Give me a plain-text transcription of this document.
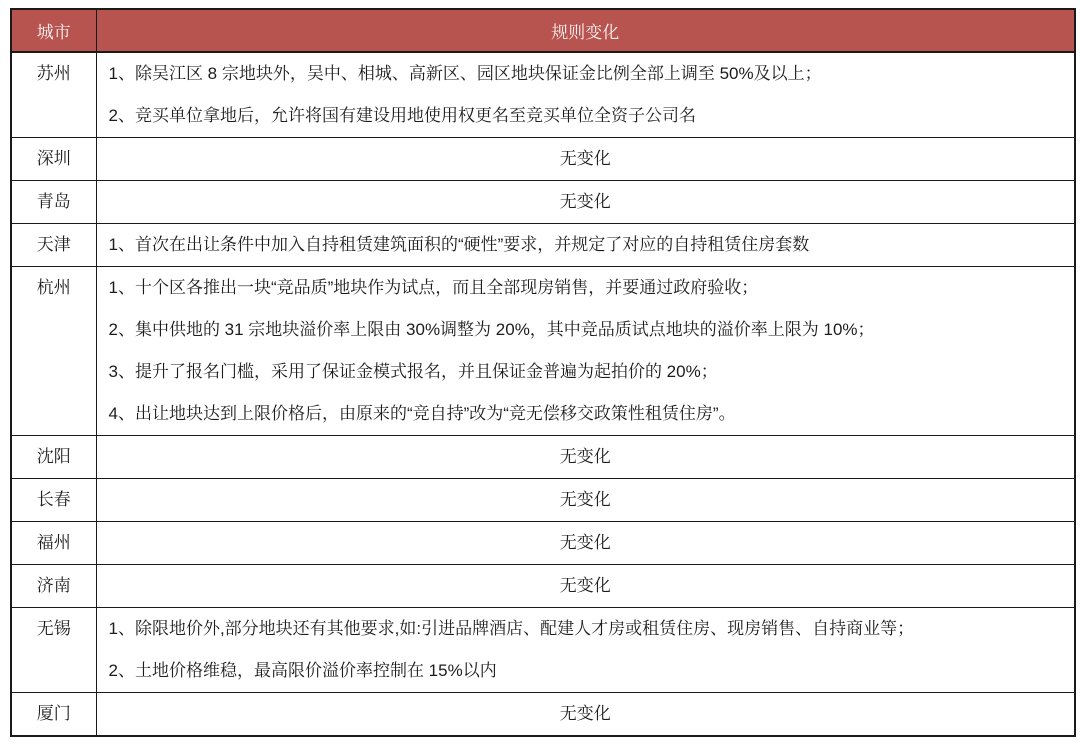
城市	规则变化
苏州	1、除吴江区 8 宗地块外，吴中、相城、高新区、园区地块保证金比例全部上调至 50%及以上；

2、竞买单位拿地后，允许将国有建设用地使用权更名至竞买单位全资子公司名

深圳	无变化

青岛	无变化

天津	1、首次在出让条件中加入自持租赁建筑面积的“硬性”要求，并规定了对应的自持租赁住房套数

杭州	1、十个区各推出一块“竞品质”地块作为试点，而且全部现房销售，并要通过政府验收；

2、集中供地的 31 宗地块溢价率上限由 30%调整为 20%，其中竞品质试点地块的溢价率上限为 10%；

3、提升了报名门槛，采用了保证金模式报名，并且保证金普遍为起拍价的 20%；

4、出让地块达到上限价格后，由原来的“竞自持”改为“竞无偿移交政策性租赁住房”。

沈阳	无变化

长春	无变化

福州	无变化

济南	无变化

无锡	1、除限地价外,部分地块还有其他要求,如:引进品牌酒店、配建人才房或租赁住房、现房销售、自持商业等；

2、土地价格维稳，最高限价溢价率控制在 15%以内

厦门	无变化
